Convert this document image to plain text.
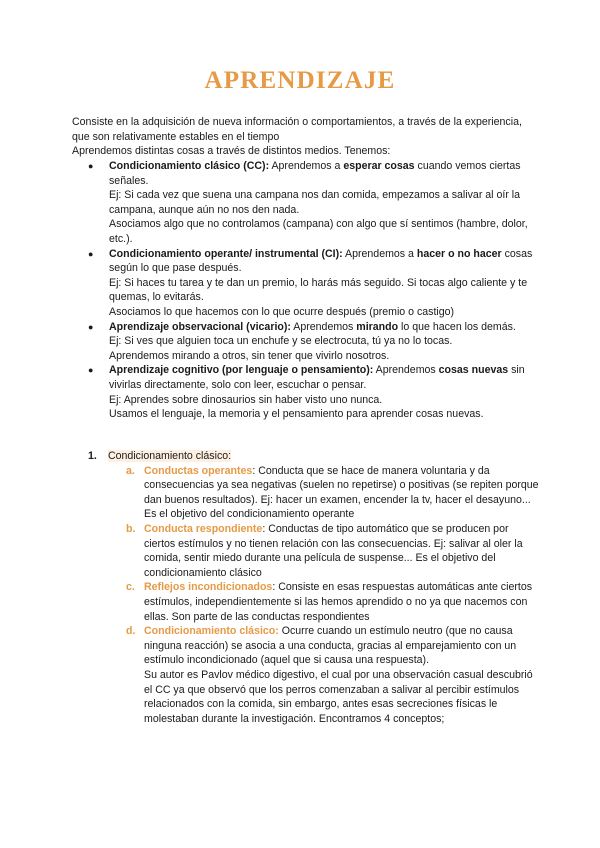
APRENDIZAJE

Consiste en la adquisición de nueva información o comportamientos, a través de la experiencia, que son relativamente estables en el tiempo

Aprendemos distintas cosas a través de distintos medios. Tenemos:

● Condicionamiento clásico (CC): Aprendemos a esperar cosas cuando vemos ciertas señales.

Ej: Si cada vez que suena una campana nos dan comida, empezamos a salivar al oír la campana, aunque aún no nos den nada.

Asociamos algo que no controlamos (campana) con algo que sí sentimos (hambre, dolor, etc.).

● Condicionamiento operante/ instrumental (CI): Aprendemos a hacer o no hacer cosas según lo que pase después.

Ej: Si haces tu tarea y te dan un premio, lo harás más seguido. Si tocas algo caliente y te quemas, lo evitarás.

Asociamos lo que hacemos con lo que ocurre después (premio o castigo)

● Aprendizaje observacional (vicario): Aprendemos mirando lo que hacen los demás.

Ej: Si ves que alguien toca un enchufe y se electrocuta, tú ya no lo tocas.

Aprendemos mirando a otros, sin tener que vivirlo nosotros.

● Aprendizaje cognitivo (por lenguaje o pensamiento): Aprendemos cosas nuevas sin vivirlas directamente, solo con leer, escuchar o pensar.

Ej: Aprendes sobre dinosaurios sin haber visto uno nunca.

Usamos el lenguaje, la memoria y el pensamiento para aprender cosas nuevas.

1. Condicionamiento clásico:
a. Conductas operantes: Conducta que se hace de manera voluntaria y da consecuencias ya sea negativas (suelen no repetirse) o positivas (se repiten porque dan buenos resultados). Ej: hacer un examen, encender la tv, hacer el desayuno... Es el objetivo del condicionamiento operante

b. Conducta respondiente: Conductas de tipo automático que se producen por ciertos estímulos y no tienen relación con las consecuencias. Ej: salivar al oler la comida, sentir miedo durante una película de suspense... Es el objetivo del condicionamiento clásico

c. Reflejos incondicionados: Consiste en esas respuestas automáticas ante ciertos estímulos, independientemente si las hemos aprendido o no ya que nacemos con ellas. Son parte de las conductas respondientes

d. Condicionamiento clásico: Ocurre cuando un estímulo neutro (que no causa ninguna reacción) se asocia a una conducta, gracias al emparejamiento con un estímulo incondicionado (aquel que si causa una respuesta).

Su autor es Pavlov médico digestivo, el cual por una observación casual descubrió el CC ya que observó que los perros comenzaban a salivar al percibir estímulos relacionados con la comida, sin embargo, antes esas secreciones físicas le molestaban durante la investigación. Encontramos 4 conceptos;
